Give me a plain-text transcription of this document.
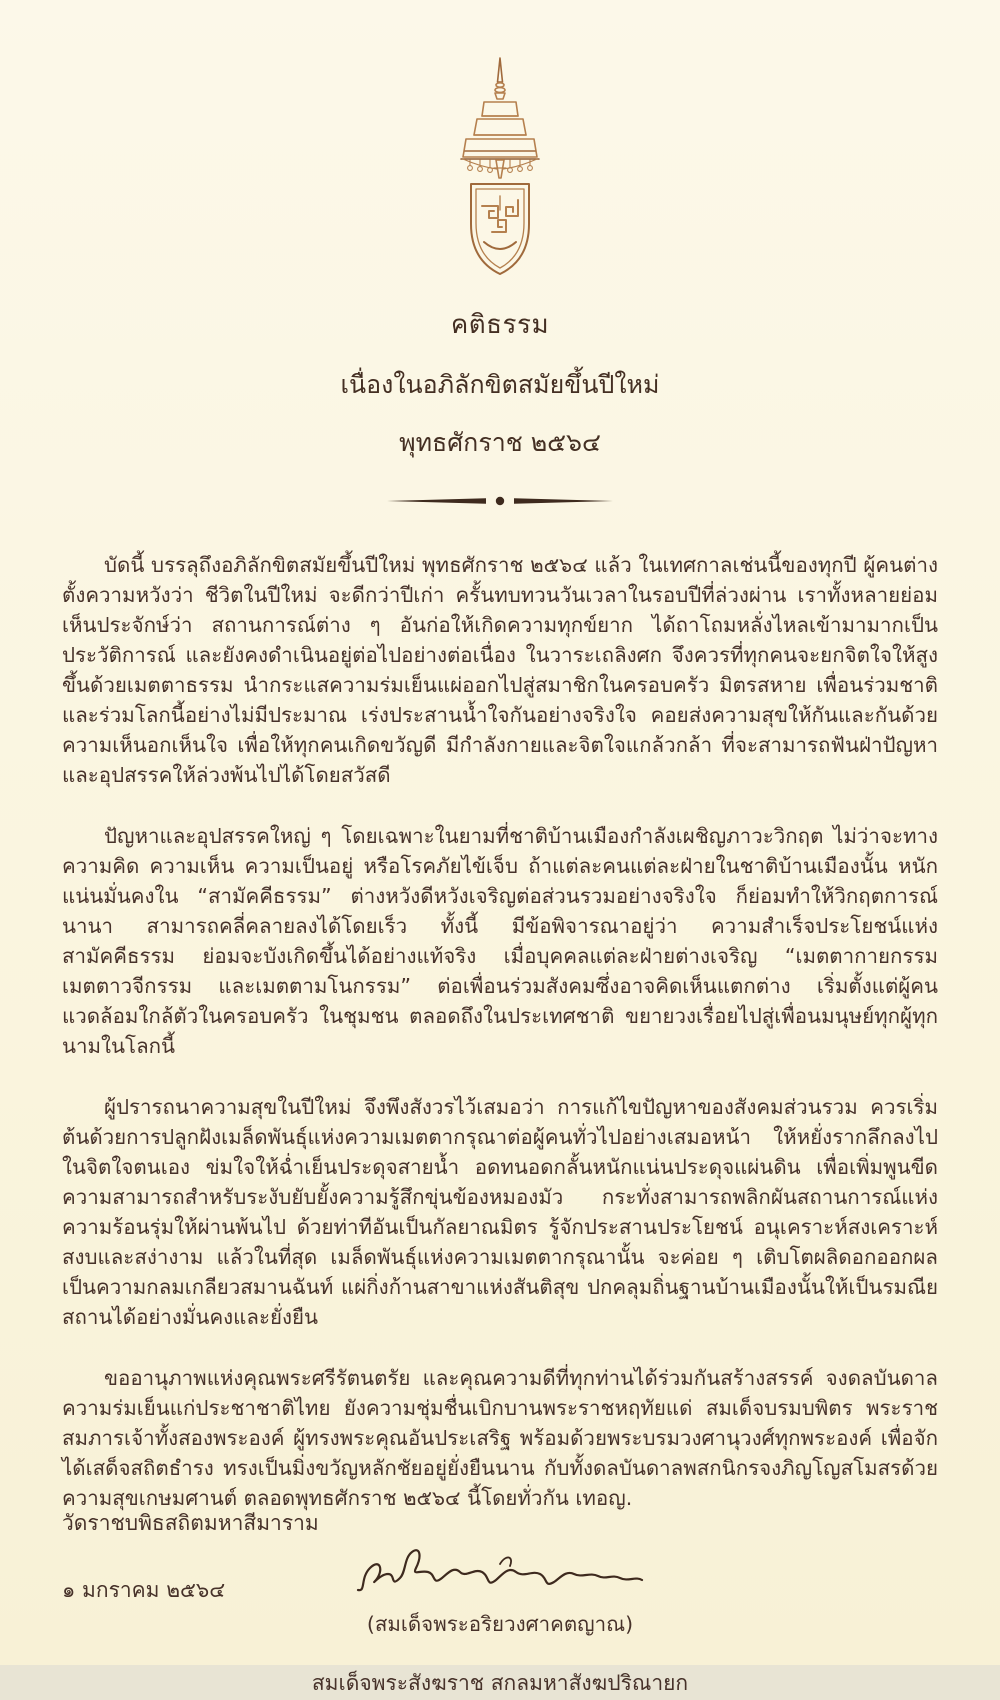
คติธรรม
เนื่องในอภิลักขิตสมัยขึ้นปีใหม่
พุทธศักราช ๒๕๖๔

บัดนี้ บรรลุถึงอภิลักขิตสมัยขึ้นปีใหม่ พุทธศักราช ๒๕๖๔ แล้ว ในเทศกาลเช่นนี้ของทุกปี ผู้คนต่างตั้งความหวังว่า ชีวิตในปีใหม่ จะดีกว่าปีเก่า ครั้นทบทวนวันเวลาในรอบปีที่ล่วงผ่าน เราทั้งหลายย่อมเห็นประจักษ์ว่า สถานการณ์ต่าง ๆ อันก่อให้เกิดความทุกข์ยาก ได้ถาโถมหลั่งไหลเข้ามามากเป็นประวัติการณ์ และยังคงดำเนินอยู่ต่อไปอย่างต่อเนื่อง ในวาระเถลิงศก จึงควรที่ทุกคนจะยกจิตใจให้สูงขึ้นด้วยเมตตาธรรม นำกระแสความร่มเย็นแผ่ออกไปสู่สมาชิกในครอบครัว มิตรสหาย เพื่อนร่วมชาติ และร่วมโลกนี้อย่างไม่มีประมาณ เร่งประสานน้ำใจกันอย่างจริงใจ คอยส่งความสุขให้กันและกันด้วยความเห็นอกเห็นใจ เพื่อให้ทุกคนเกิดขวัญดี มีกำลังกายและจิตใจแกล้วกล้า ที่จะสามารถฟันฝ่าปัญหาและอุปสรรคให้ล่วงพ้นไปได้โดยสวัสดี

ปัญหาและอุปสรรคใหญ่ ๆ โดยเฉพาะในยามที่ชาติบ้านเมืองกำลังเผชิญภาวะวิกฤต ไม่ว่าจะทางความคิด ความเห็น ความเป็นอยู่ หรือโรคภัยไข้เจ็บ ถ้าแต่ละคนแต่ละฝ่ายในชาติบ้านเมืองนั้น หนักแน่นมั่นคงใน “สามัคคีธรรม” ต่างหวังดีหวังเจริญต่อส่วนรวมอย่างจริงใจ ก็ย่อมทำให้วิกฤตการณ์นานา สามารถคลี่คลายลงได้โดยเร็ว ทั้งนี้ มีข้อพิจารณาอยู่ว่า ความสำเร็จประโยชน์แห่งสามัคคีธรรม ย่อมจะบังเกิดขึ้นได้อย่างแท้จริง เมื่อบุคคลแต่ละฝ่ายต่างเจริญ “เมตตากายกรรม เมตตาวจีกรรม และเมตตามโนกรรม” ต่อเพื่อนร่วมสังคมซึ่งอาจคิดเห็นแตกต่าง เริ่มตั้งแต่ผู้คนแวดล้อมใกล้ตัวในครอบครัว ในชุมชน ตลอดถึงในประเทศชาติ ขยายวงเรื่อยไปสู่เพื่อนมนุษย์ทุกผู้ทุกนามในโลกนี้

ผู้ปรารถนาความสุขในปีใหม่ จึงพึงสังวรไว้เสมอว่า การแก้ไขปัญหาของสังคมส่วนรวม ควรเริ่มต้นด้วยการปลูกฝังเมล็ดพันธุ์แห่งความเมตตากรุณาต่อผู้คนทั่วไปอย่างเสมอหน้า ให้หยั่งรากลึกลงไปในจิตใจตนเอง ข่มใจให้ฉ่ำเย็นประดุจสายน้ำ อดทนอดกลั้นหนักแน่นประดุจแผ่นดิน เพื่อเพิ่มพูนขีดความสามารถสำหรับระงับยับยั้งความรู้สึกขุ่นข้องหมองมัว กระทั่งสามารถพลิกผันสถานการณ์แห่งความร้อนรุ่มให้ผ่านพ้นไป ด้วยท่าทีอันเป็นกัลยาณมิตร รู้จักประสานประโยชน์ อนุเคราะห์สงเคราะห์ สงบและสง่างาม แล้วในที่สุด เมล็ดพันธุ์แห่งความเมตตากรุณานั้น จะค่อย ๆ เติบโตผลิดอกออกผลเป็นความกลมเกลียวสมานฉันท์ แผ่กิ่งก้านสาขาแห่งสันติสุข ปกคลุมถิ่นฐานบ้านเมืองนั้นให้เป็นรมณียสถานได้อย่างมั่นคงและยั่งยืน

ขออานุภาพแห่งคุณพระศรีรัตนตรัย และคุณความดีที่ทุกท่านได้ร่วมกันสร้างสรรค์ จงดลบันดาลความร่มเย็นแก่ประชาชาติไทย ยังความชุ่มชื่นเบิกบานพระราชหฤทัยแด่ สมเด็จบรมบพิตร พระราชสมภารเจ้าทั้งสองพระองค์ ผู้ทรงพระคุณอันประเสริฐ พร้อมด้วยพระบรมวงศานุวงศ์ทุกพระองค์ เพื่อจักได้เสด็จสถิตธำรง ทรงเป็นมิ่งขวัญหลักชัยอยู่ยั่งยืนนาน กับทั้งดลบันดาลพสกนิกรจงภิญโญสโมสรด้วยความสุขเกษมศานต์ ตลอดพุทธศักราช ๒๕๖๔ นี้โดยทั่วกัน เทอญ.

(สมเด็จพระอริยวงศาคตญาณ)
สมเด็จพระสังฆราช สกลมหาสังฆปริณายก
วัดราชบพิธสถิตมหาสีมาราม
๑ มกราคม ๒๕๖๔
